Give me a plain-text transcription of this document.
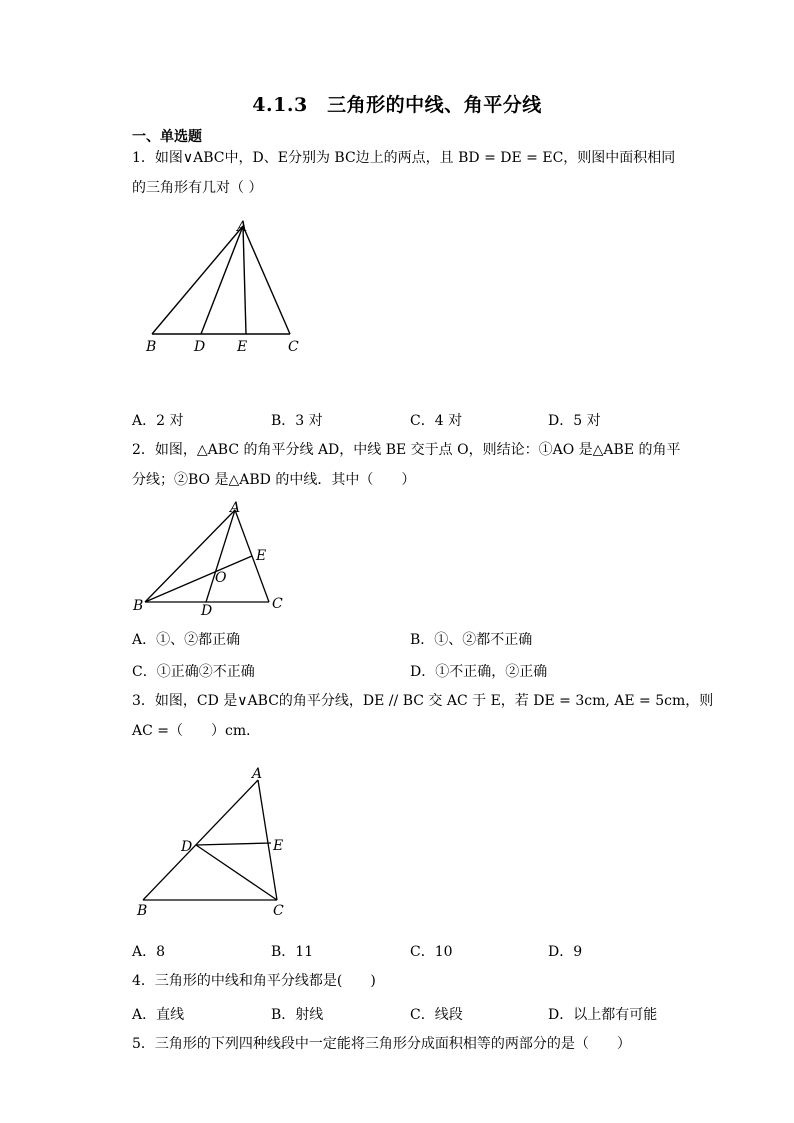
4.1.3　三角形的中线、角平分线
一、单选题
1．如图∨ABC中，D、E分别为 BC边上的两点，且 BD = DE = EC，则图中面积相同
的三角形有几对（ ）
A
B	D E	C
A．2 对	B．3 对	C．4 对	D．5 对
2．如图，△ABC 的角平分线 AD，中线 BE 交于点 O，则结论：①AO 是△ABE 的角平
分线；②BO 是△ABD 的中线．其中（　　）
A
B	C
D
E
O
A．①、②都正确	B．①、②都不正确
C．①正确②不正确	D．①不正确，②正确
3．如图，CD 是∨ABC的角平分线，DE // BC 交 AC 于 E，若 DE = 3cm, AE = 5cm，则
AC =（　　）cm．
A
D	E
B	C
A．8	B．11	C．10	D．9
4．三角形的中线和角平分线都是(　　)
A．直线	B．射线	C．线段	D．以上都有可能
5．三角形的下列四种线段中一定能将三角形分成面积相等的两部分的是（　　）
